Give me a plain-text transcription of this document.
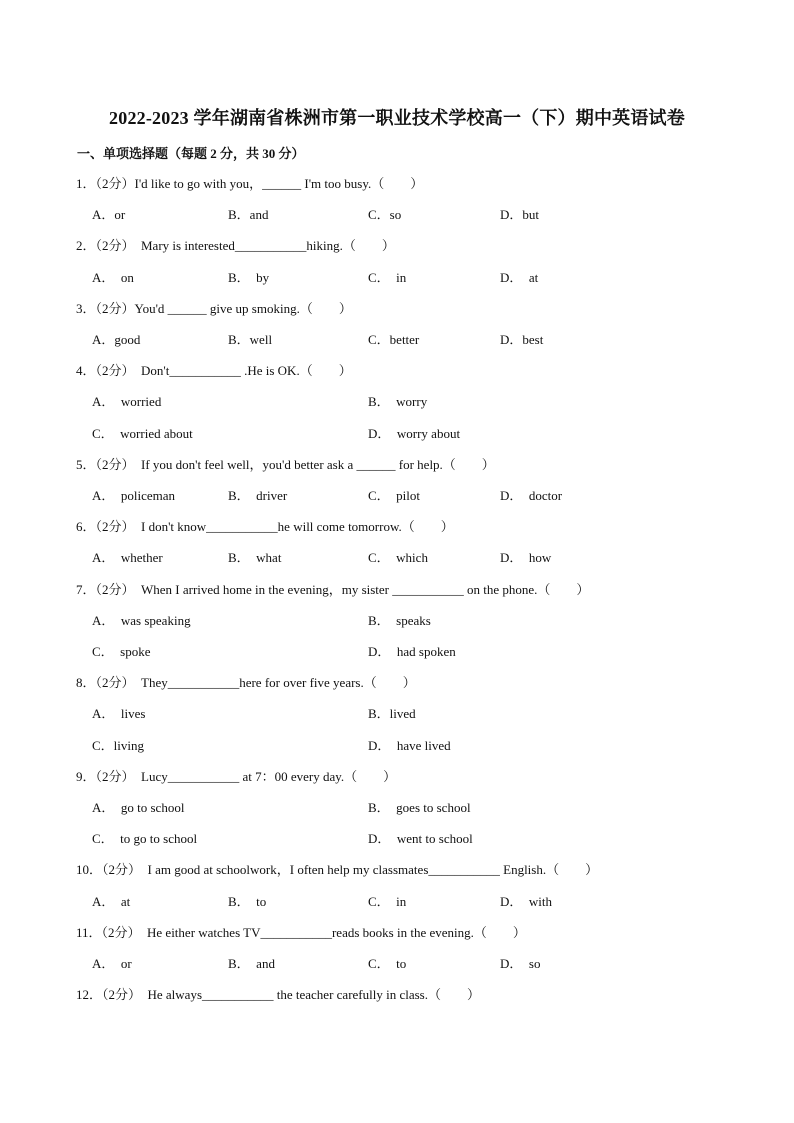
2022-2023 学年湖南省株洲市第一职业技术学校高一（下）期中英语试卷
一、单项选择题（每题 2 分，共 30 分）
1．（2分）I'd like to go with you，______ I'm too busy.（　　）
A．or	B．and	C．so	D．but
2．（2分）　Mary is interested___________hiking.（　　）
A．　on	B．　by	C．　in	D．　at
3．（2分）You'd ______ give up smoking.（　　）
A．good	B．well	C．better	D．best
4．（2分）　Don't___________ .He is OK.（　　）
A．　worried	B．　worry
C．　worried about	D．　worry about
5．（2分）　If you don't feel well，you'd better ask a ______ for help.（　　）
A．　policeman	B．　driver	C．　pilot	D．　doctor
6．（2分）　I don't know___________he will come tomorrow.（　　）
A．　whether	B．　what	C．　which	D．　how
7．（2分）　When I arrived home in the evening，my sister ___________ on the phone.（　　）
A．　was speaking	B．　speaks
C．　spoke	D．　had spoken
8．（2分）　They___________here for over five years.（　　）
A．　lives	B．lived
C．living	D．　have lived
9．（2分）　Lucy___________ at 7：00 every day.（　　）
A．　go to school	B．　goes to school
C．　to go to school	D．　went to school
10．（2分）　I am good at schoolwork，I often help my classmates___________ English.（　　）
A．　at	B．　to	C．　in	D．　with
11．（2分）　He either watches TV___________reads books in the evening.（　　）
A．　or	B．　and	C．　to	D．　so
12．（2分）　He always___________ the teacher carefully in class.（　　）
